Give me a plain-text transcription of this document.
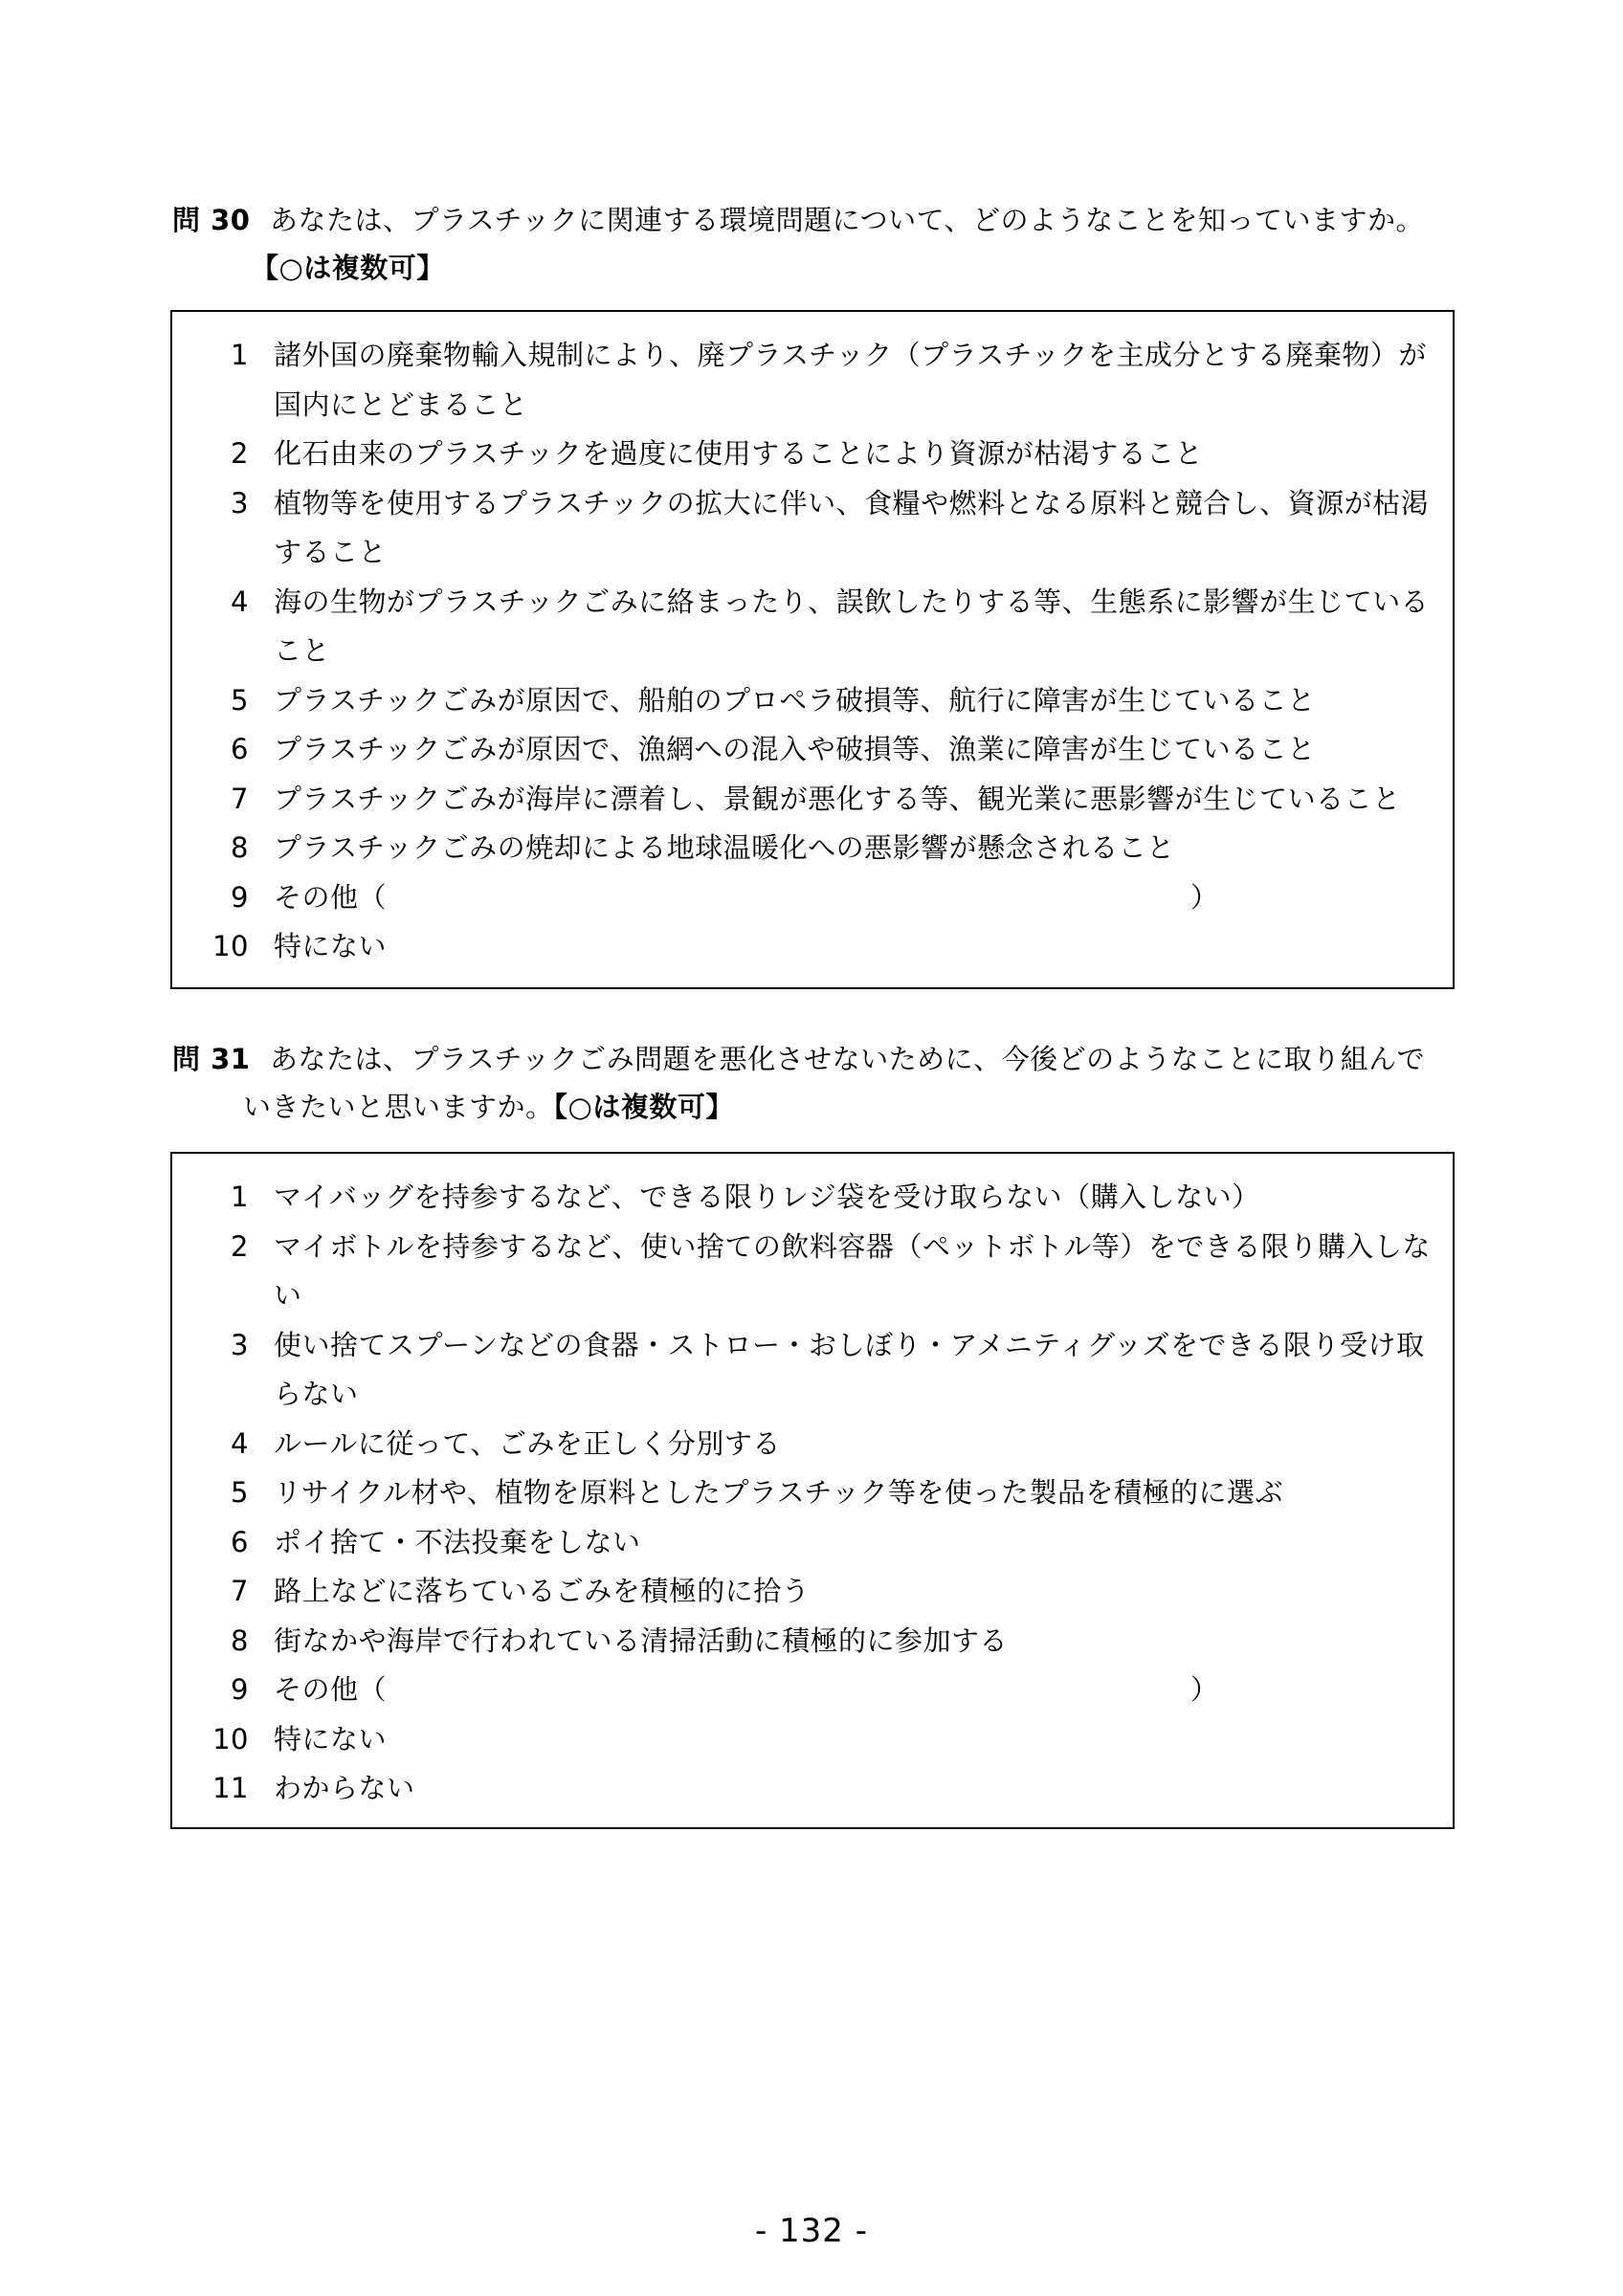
問 30 あなたは、プラスチックに関連する環境問題について、どのようなことを知っていますか。
【○は複数可】
1 諸外国の廃棄物輸入規制により、廃プラスチック（プラスチックを主成分とする廃棄物）が
国内にとどまること
2 化石由来のプラスチックを過度に使用することにより資源が枯渇すること
3 植物等を使用するプラスチックの拡大に伴い、食糧や燃料となる原料と競合し、資源が枯渇
すること
4 海の生物がプラスチックごみに絡まったり、誤飲したりする等、生態系に影響が生じている
こと
5 プラスチックごみが原因で、船舶のプロペラ破損等、航行に障害が生じていること
6 プラスチックごみが原因で、漁網への混入や破損等、漁業に障害が生じていること
7 プラスチックごみが海岸に漂着し、景観が悪化する等、観光業に悪影響が生じていること
8 プラスチックごみの焼却による地球温暖化への悪影響が懸念されること
9 その他（	）
10 特にない
問 31 あなたは、プラスチックごみ問題を悪化させないために、今後どのようなことに取り組んで
いきたいと思いますか。【○は複数可】
1 マイバッグを持参するなど、できる限りレジ袋を受け取らない（購入しない）
2 マイボトルを持参するなど、使い捨ての飲料容器（ペットボトル等）をできる限り購入しな
い
3 使い捨てスプーンなどの食器・ストロー・おしぼり・アメニティグッズをできる限り受け取
らない
4 ルールに従って、ごみを正しく分別する
5 リサイクル材や、植物を原料としたプラスチック等を使った製品を積極的に選ぶ
6 ポイ捨て・不法投棄をしない
7 路上などに落ちているごみを積極的に拾う
8 街なかや海岸で行われている清掃活動に積極的に参加する
9 その他（	）
10 特にない
11 わからない
- 132 -
